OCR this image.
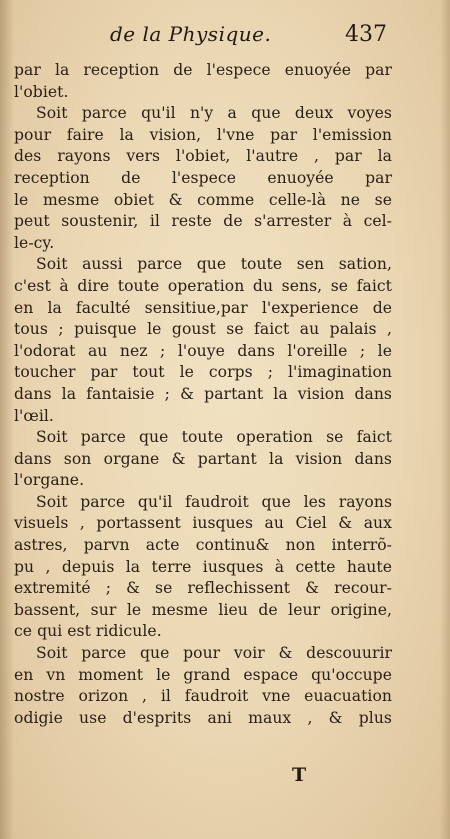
de la Physique.	437
par la reception de l'espece enuoyée par
l'obiet.
Soit parce qu'il n'y a que deux voyes
pour faire la vision, l'vne par l'emission
des rayons vers l'obiet, l'autre , par la
reception de l'espece enuoyée par
le mesme obiet & comme celle-là ne se
peut soustenir, il reste de s'arrester à cel-
le-cy.
Soit aussi parce que toute sen sation,
c'est à dire toute operation du sens, se faict
en la faculté sensitiue,par l'experience de
tous ; puisque le goust se faict au palais ,
l'odorat au nez ; l'ouye dans l'oreille ; le
toucher par tout le corps ; l'imagination
dans la fantaisie ; & partant la vision dans
l'œil.
Soit parce que toute operation se faict
dans son organe & partant la vision dans
l'organe.
Soit parce qu'il faudroit que les rayons
visuels , portassent iusques au Ciel & aux
astres, parvn acte continu& non interrõ-
pu , depuis la terre iusques à cette haute
extremité ; & se reflechissent & recour-
bassent, sur le mesme lieu de leur origine,
ce qui est ridicule.
Soit parce que pour voir & descouurir
en vn moment le grand espace qu'occupe
nostre orizon , il faudroit vne euacuation
odigie use d'esprits ani maux , & plus
T
